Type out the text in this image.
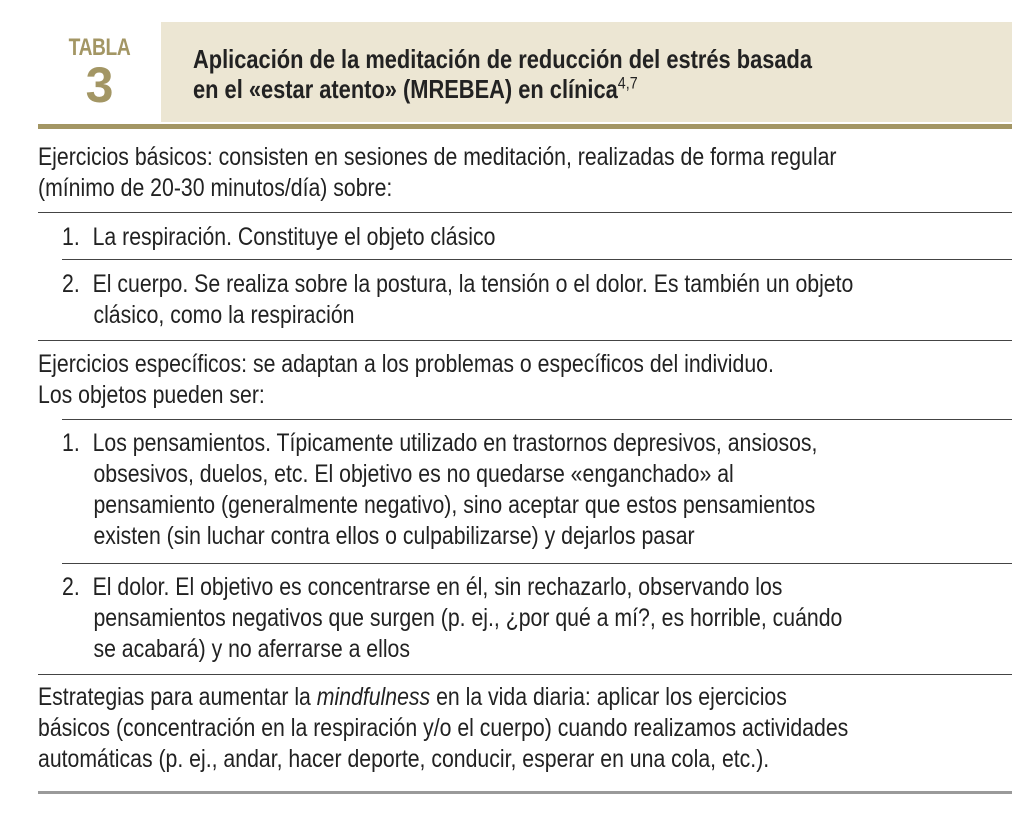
TABLA
3	Aplicación de la meditación de reducción del estrés basada
en el «estar atento» (MREBEA) en clínica$^{4,7}$
Ejercicios básicos: consisten en sesiones de meditación, realizadas de forma regular
(mínimo de 20-30 minutos/día) sobre:
1. La respiración. Constituye el objeto clásico
2. El cuerpo. Se realiza sobre la postura, la tensión o el dolor. Es también un objeto
clásico, como la respiración
Ejercicios específicos: se adaptan a los problemas o específicos del individuo.
Los objetos pueden ser:
1. Los pensamientos. Típicamente utilizado en trastornos depresivos, ansiosos,
obsesivos, duelos, etc. El objetivo es no quedarse «enganchado» al
pensamiento (generalmente negativo), sino aceptar que estos pensamientos
existen (sin luchar contra ellos o culpabilizarse) y dejarlos pasar
2. El dolor. El objetivo es concentrarse en él, sin rechazarlo, observando los
pensamientos negativos que surgen (p. ej., ¿por qué a mí?, es horrible, cuándo
se acabará) y no aferrarse a ellos
Estrategias para aumentar la mindfulness en la vida diaria: aplicar los ejercicios
básicos (concentración en la respiración y/o el cuerpo) cuando realizamos actividades
automáticas (p. ej., andar, hacer deporte, conducir, esperar en una cola, etc.).
